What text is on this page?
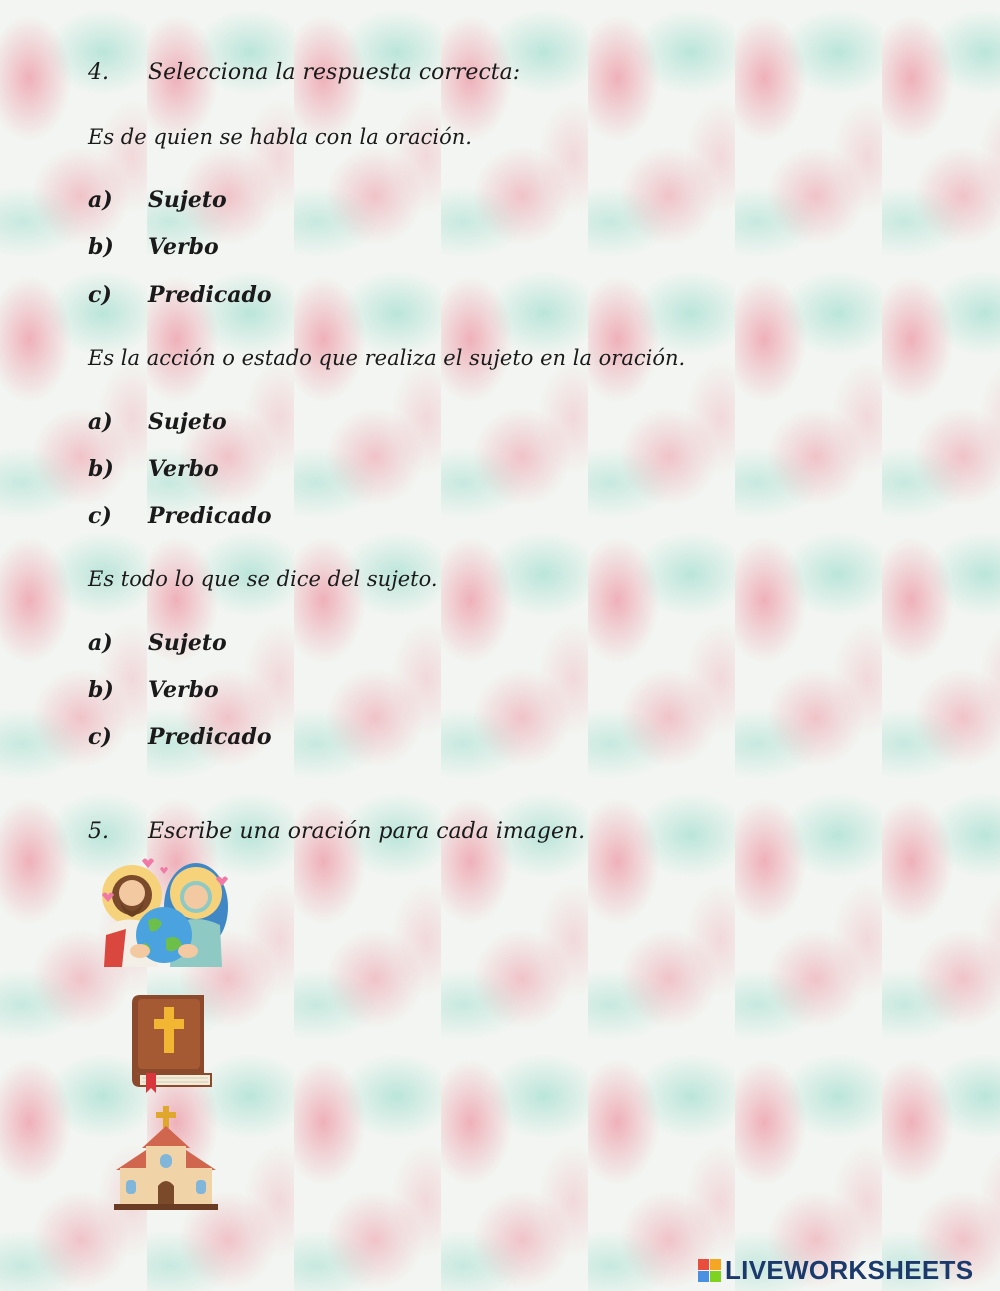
4. Selecciona la respuesta correcta:
Es de quien se habla con la oración.
a) Sujeto
b) Verbo
c) Predicado
Es la acción o estado que realiza el sujeto en la oración.
a) Sujeto
b) Verbo
c) Predicado
Es todo lo que se dice del sujeto.
a) Sujeto
b) Verbo
c) Predicado
5. Escribe una oración para cada imagen.
LIVEWORKSHEETS
